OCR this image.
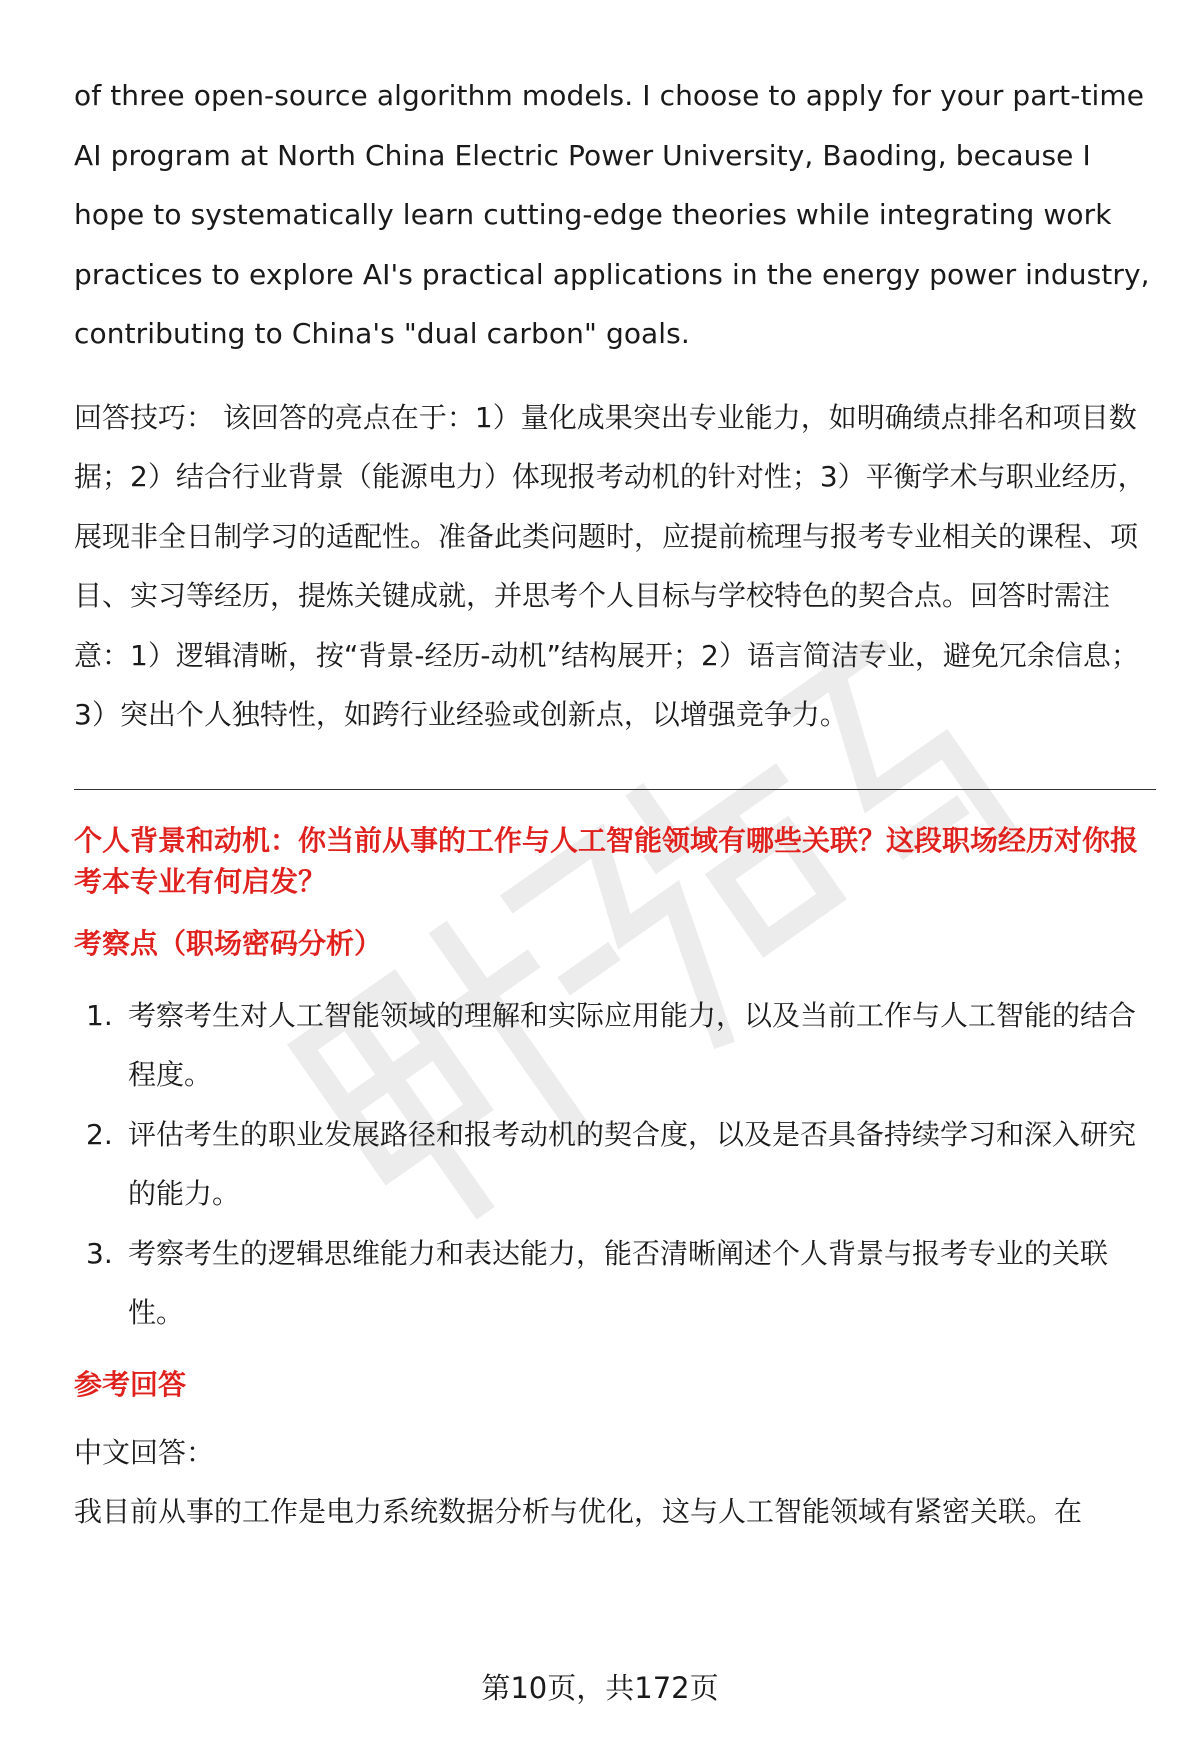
of three open-source algorithm models. I choose to apply for your part-time AI program at North China Electric Power University, Baoding, because I hope to systematically learn cutting-edge theories while integrating work practices to explore AI's practical applications in the energy power industry, contributing to China's "dual carbon" goals.

回答技巧： 该回答的亮点在于：1）量化成果突出专业能力，如明确绩点排名和项目数据；2）结合行业背景（能源电力）体现报考动机的针对性；3）平衡学术与职业经历，展现非全日制学习的适配性。准备此类问题时，应提前梳理与报考专业相关的课程、项目、实习等经历，提炼关键成就，并思考个人目标与学校特色的契合点。回答时需注意：1）逻辑清晰，按“背景-经历-动机”结构展开；2）语言简洁专业，避免冗余信息；3）突出个人独特性，如跨行业经验或创新点，以增强竞争力。

个人背景和动机：你当前从事的工作与人工智能领域有哪些关联？这段职场经历对你报考本专业有何启发？

考察点（职场密码分析）

1. 考察考生对人工智能领域的理解和实际应用能力，以及当前工作与人工智能的结合程度。
2. 评估考生的职业发展路径和报考动机的契合度，以及是否具备持续学习和深入研究的能力。
3. 考察考生的逻辑思维能力和表达能力，能否清晰阐述个人背景与报考专业的关联性。

参考回答

中文回答：

我目前从事的工作是电力系统数据分析与优化，这与人工智能领域有紧密关联。在

第10页，共172页
